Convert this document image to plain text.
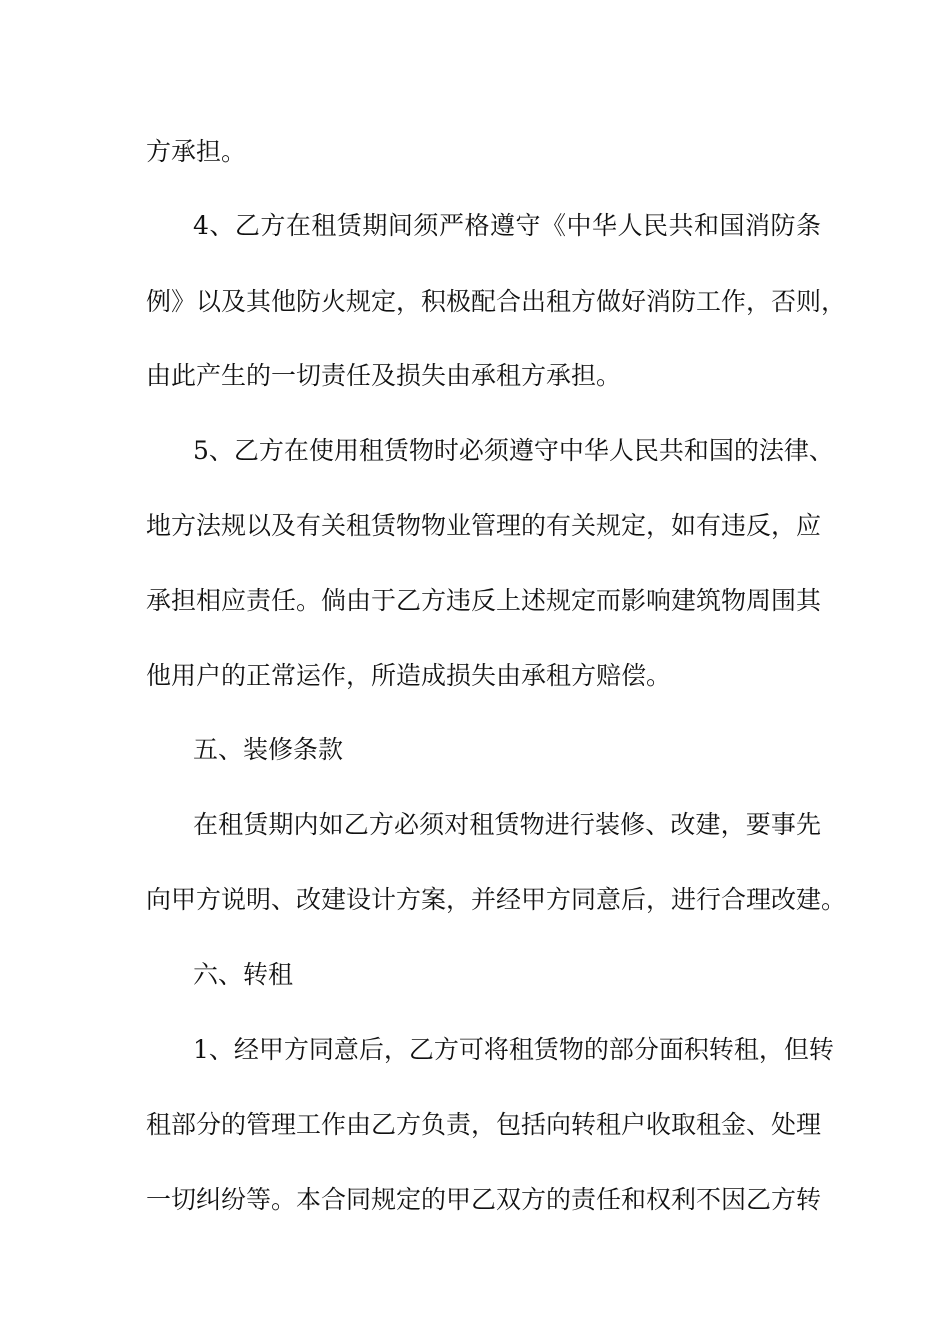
方承担。
4、乙方在租赁期间须严格遵守《中华人民共和国消防条
例》以及其他防火规定，积极配合出租方做好消防工作，否则，
由此产生的一切责任及损失由承租方承担。
5、乙方在使用租赁物时必须遵守中华人民共和国的法律、
地方法规以及有关租赁物物业管理的有关规定，如有违反，应
承担相应责任。倘由于乙方违反上述规定而影响建筑物周围其
他用户的正常运作，所造成损失由承租方赔偿。
五、装修条款
在租赁期内如乙方必须对租赁物进行装修、改建，要事先
向甲方说明、改建设计方案，并经甲方同意后，进行合理改建。
六、转租
1、经甲方同意后，乙方可将租赁物的部分面积转租，但转
租部分的管理工作由乙方负责，包括向转租户收取租金、处理
一切纠纷等。本合同规定的甲乙双方的责任和权利不因乙方转
